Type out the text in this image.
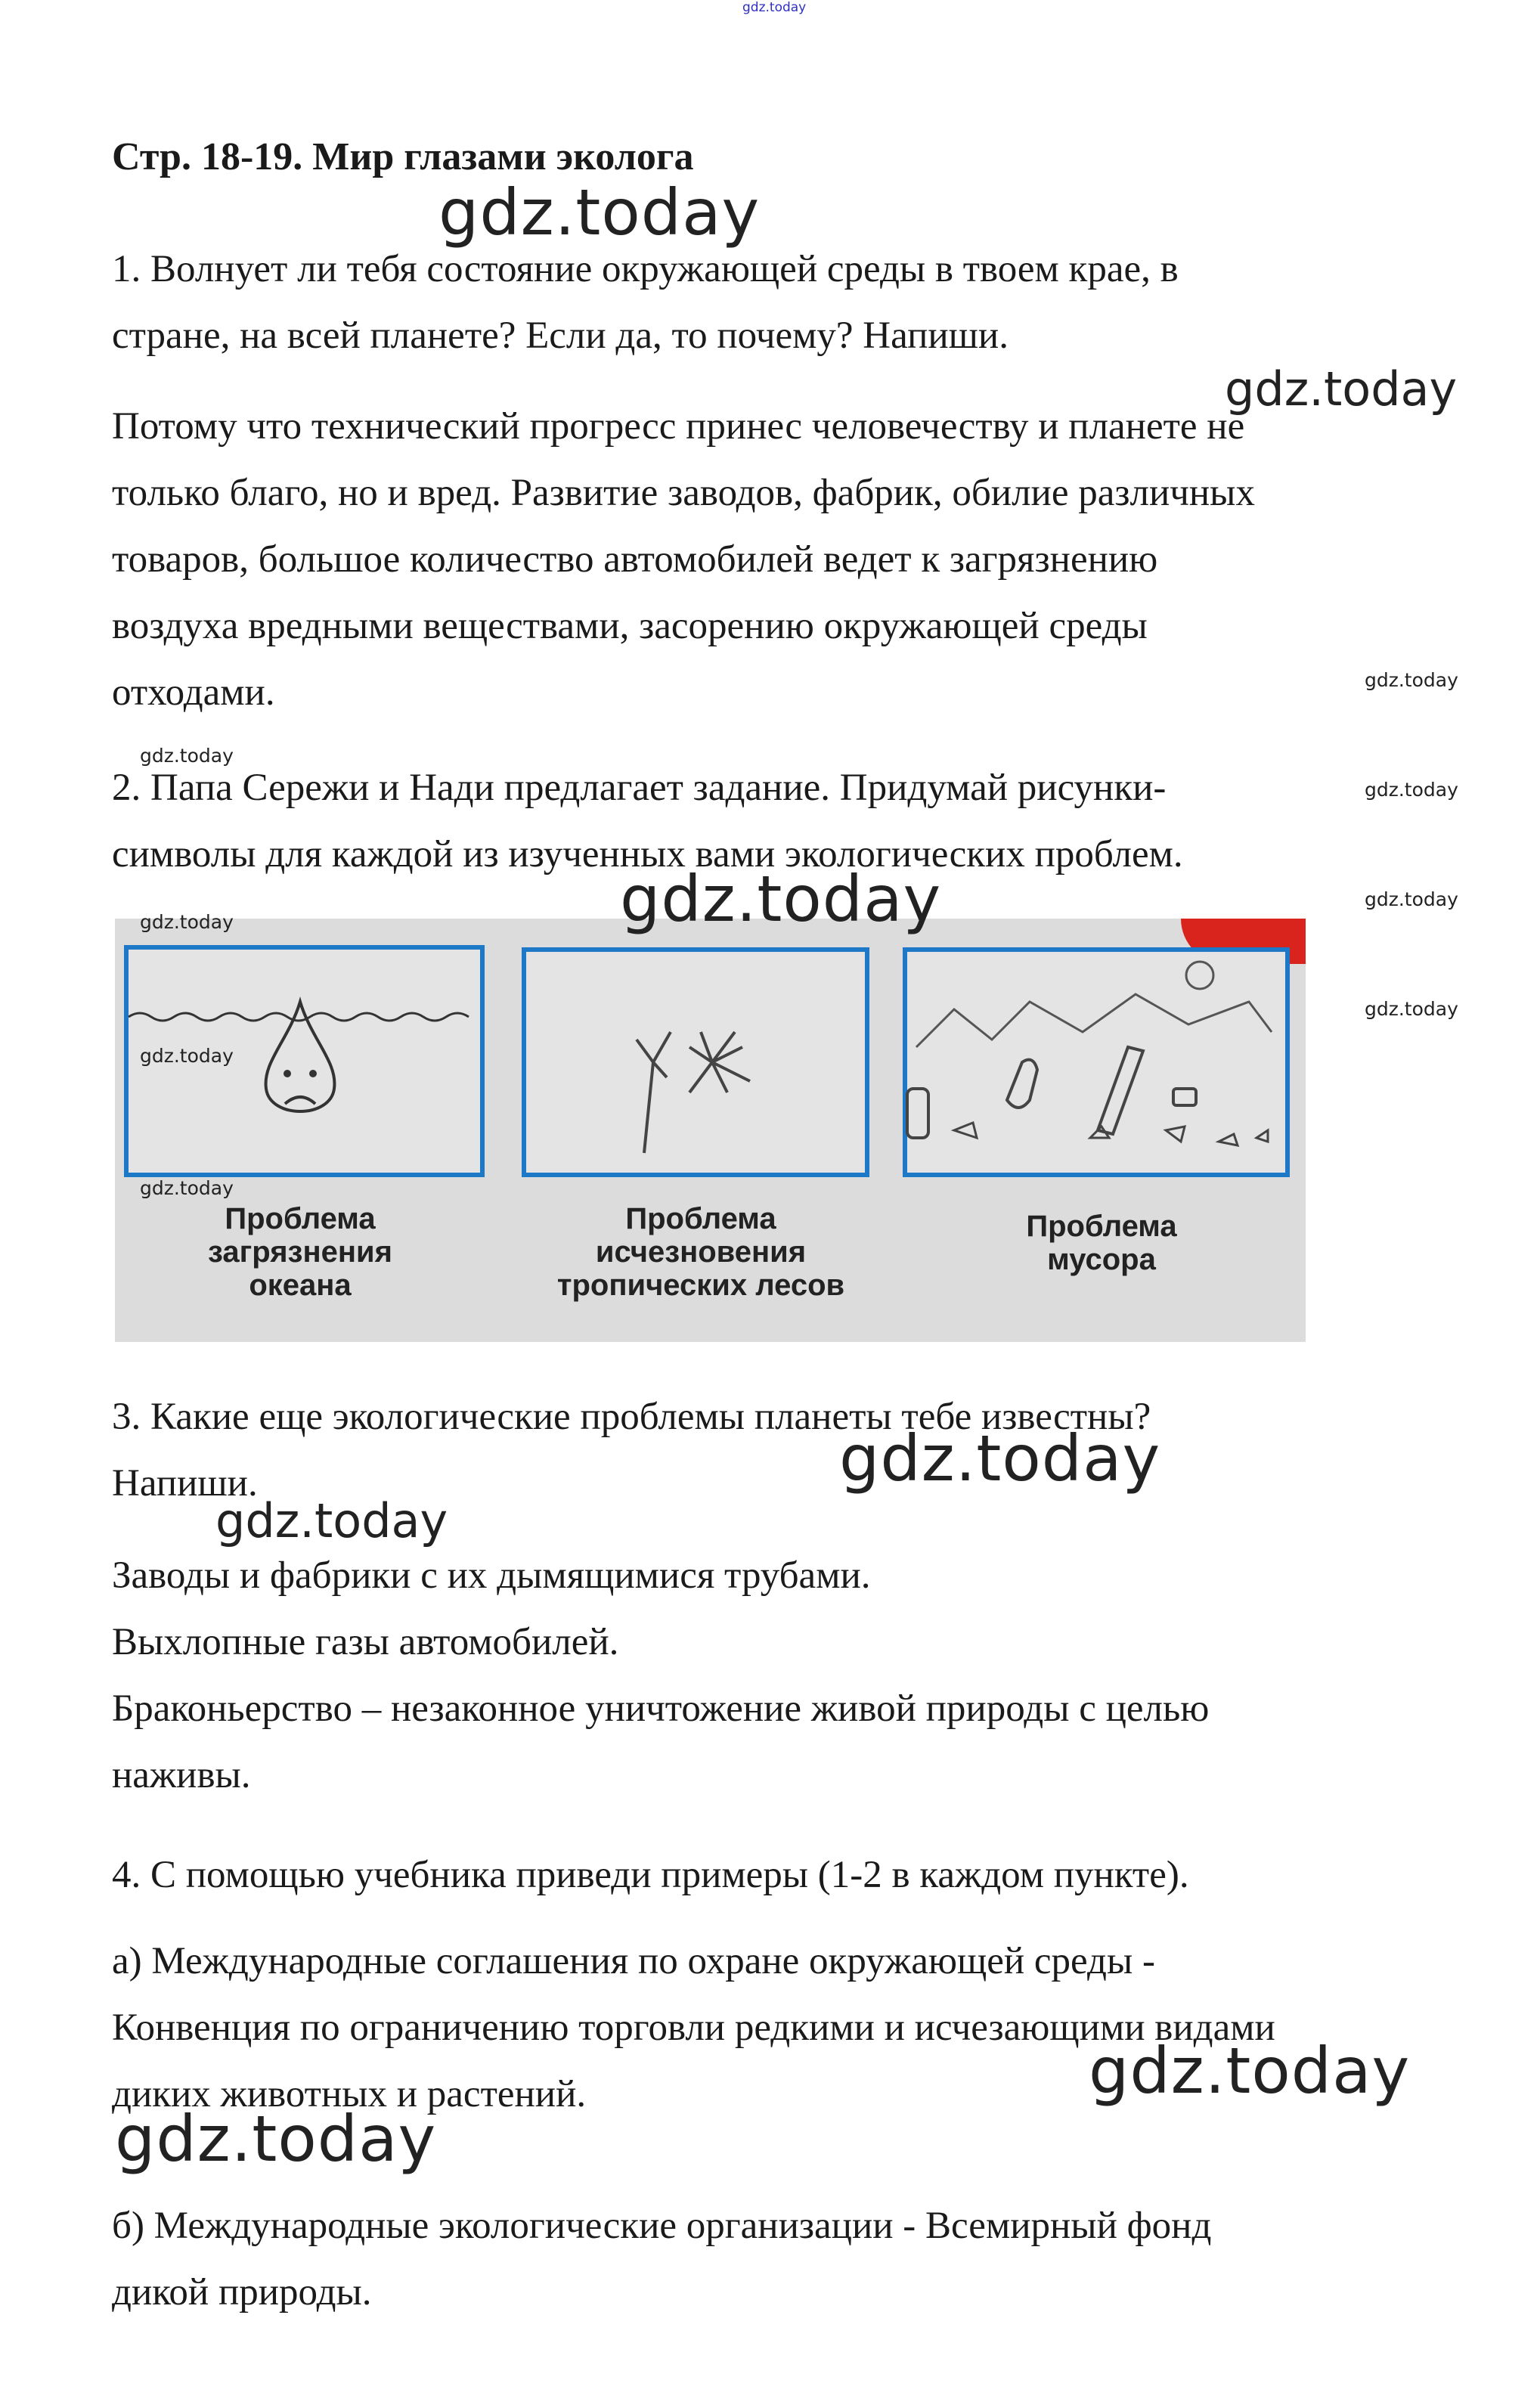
gdz.today
Стр. 18-19. Мир глазами эколога
1. Волнует ли тебя состояние окружающей среды в твоем крае, в
стране, на всей планете? Если да, то почему? Напиши.
Потому что технический прогресс принес человечеству и планете не
только благо, но и вред. Развитие заводов, фабрик, обилие различных
товаров, большое количество автомобилей ведет к загрязнению
воздуха вредными веществами, засорению окружающей среды
отходами.
2. Папа Сережи и Нади предлагает задание. Придумай рисунки-
символы для каждой из изученных вами экологических проблем.
Проблема
загрязнения
океана
Проблема
исчезновения
тропических лесов
Проблема
мусора
3. Какие еще экологические проблемы планеты тебе известны?
Напиши.
Заводы и фабрики с их дымящимися трубами.
Выхлопные газы автомобилей.
Браконьерство – незаконное уничтожение живой природы с целью
наживы.
4. С помощью учебника приведи примеры (1-2 в каждом пункте).
а) Международные соглашения по охране окружающей среды -
Конвенция по ограничению торговли редкими и исчезающими видами
диких животных и растений.
б) Международные экологические организации - Всемирный фонд
дикой природы.
gdz.today
gdz.today
gdz.today
gdz.today
gdz.today
gdz.today	gdz.today
gdz.today
gdz.today
gdz.today
gdz.today
gdz.today
gdz.today
gdz.today
gdz.today
